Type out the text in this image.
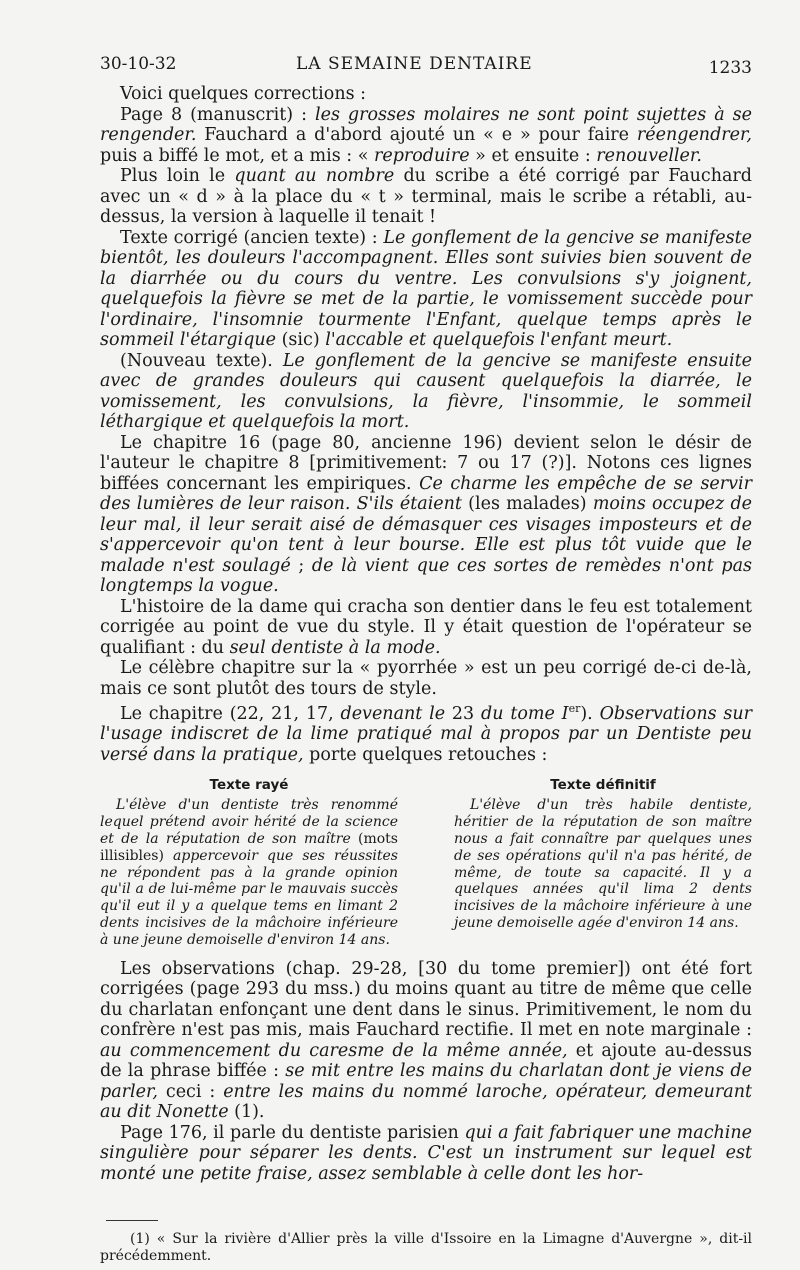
30-10-32	LA SEMAINE DENTAIRE	1233

Voici quelques corrections :

Page 8 (manuscrit) : les grosses molaires ne sont point sujettes à se rengender. Fauchard a d'abord ajouté un « e » pour faire réengendrer, puis a biffé le mot, et a mis : « reproduire » et ensuite : renouveller.

Plus loin le quant au nombre du scribe a été corrigé par Fauchard avec un « d » à la place du « t » terminal, mais le scribe a rétabli, au-dessus, la version à laquelle il tenait !

Texte corrigé (ancien texte) : Le gonflement de la gencive se manifeste bientôt, les douleurs l'accompagnent. Elles sont suivies bien souvent de la diarrhée ou du cours du ventre. Les convulsions s'y joignent, quelquefois la fièvre se met de la partie, le vomissement succède pour l'ordinaire, l'insomnie tourmente l'Enfant, quelque temps après le sommeil l'étargique (sic) l'accable et quelquefois l'enfant meurt.

(Nouveau texte). Le gonflement de la gencive se manifeste ensuite avec de grandes douleurs qui causent quelquefois la diarrée, le vomissement, les convulsions, la fièvre, l'insommie, le sommeil léthargique et quelquefois la mort.

Le chapitre 16 (page 80, ancienne 196) devient selon le désir de l'auteur le chapitre 8 [primitivement: 7 ou 17 (?)]. Notons ces lignes biffées concernant les empiriques. Ce charme les empêche de se servir des lumières de leur raison. S'ils étaient (les malades) moins occupez de leur mal, il leur serait aisé de démasquer ces visages imposteurs et de s'appercevoir qu'on tent à leur bourse. Elle est plus tôt vuide que le malade n'est soulagé ; de là vient que ces sortes de remèdes n'ont pas longtemps la vogue.

L'histoire de la dame qui cracha son dentier dans le feu est totalement corrigée au point de vue du style. Il y était question de l'opérateur se qualifiant : du seul dentiste à la mode.

Le célèbre chapitre sur la « pyorrhée » est un peu corrigé de-ci de-là, mais ce sont plutôt des tours de style.

Le chapitre (22, 21, 17, devenant le 23 du tome Ier). Observations sur l'usage indiscret de la lime pratiqué mal à propos par un Dentiste peu versé dans la pratique, porte quelques retouches :

Texte rayé

L'élève d'un dentiste très renommé lequel prétend avoir hérité de la science et de la réputation de son maître (mots illisibles) appercevoir que ses réussites ne répondent pas à la grande opinion qu'il a de lui-même par le mauvais succès qu'il eut il y a quelque tems en limant 2 dents incisives de la mâchoire inférieure à une jeune demoiselle d'environ 14 ans.

Texte définitif

L'élève d'un très habile dentiste, héritier de la réputation de son maître nous a fait connaître par quelques unes de ses opérations qu'il n'a pas hérité, de même, de toute sa capacité. Il y a quelques années qu'il lima 2 dents incisives de la mâchoire inférieure à une jeune demoiselle agée d'environ 14 ans.

Les observations (chap. 29-28, [30 du tome premier]) ont été fort corrigées (page 293 du mss.) du moins quant au titre de même que celle du charlatan enfonçant une dent dans le sinus. Primitivement, le nom du confrère n'est pas mis, mais Fauchard rectifie. Il met en note marginale : au commencement du caresme de la même année, et ajoute au-dessus de la phrase biffée : se mit entre les mains du charlatan dont je viens de parler, ceci : entre les mains du nommé laroche, opérateur, demeurant au dit Nonette (1).

Page 176, il parle du dentiste parisien qui a fait fabriquer une machine singulière pour séparer les dents. C'est un instrument sur lequel est monté une petite fraise, assez semblable à celle dont les hor-

(1) « Sur la rivière d'Allier près la ville d'Issoire en la Limagne d'Auvergne », dit-il précédemment.
